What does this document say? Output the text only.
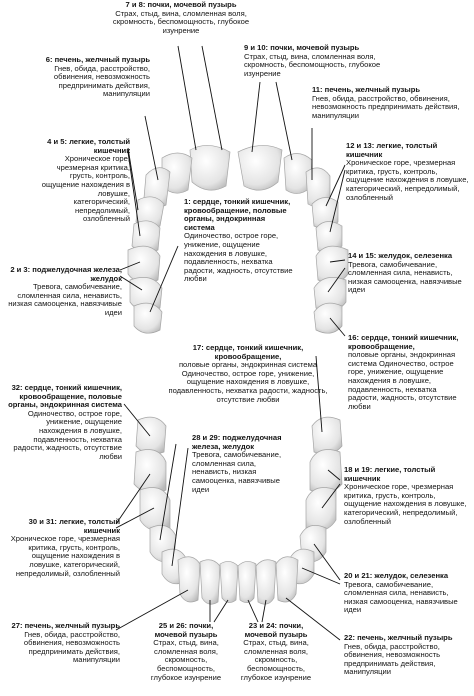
7 и 8: почки, мочевой пузырь
Страх, стыд, вина, сломленная воля, скромность, беспомощность, глубокое изунрение
6: печень, желчный пузырь
Гнев, обида, расстройство, обвинения, невозможность предпринимать действия, манипуляции
4 и 5: легкие, толстый кишечник
Хроническое горе, чрезмерная критика, грусть, контроль, ощущение нахождения в ловушке, категорический, непредолимый, озлобленный
2 и 3: поджелудочная железа, желудок
Тревога, самобичевание, сломленная сила, ненависть, низкая самооценка, навязчивые идеи
1: сердце, тонкий кишечник, кровообращение, половые органы, эндокринная система
Одиночество, острое горе, унижение, ощущение нахождения в ловушке, подавленность, нехватка радости, жадность, отсутствие любви
9 и 10: почки, мочевой пузырь
Страх, стыд, вина, сломленная воля, скромность, беспомощность, глубокое изунрение
11: печень, желчный пузырь
Гнев, обида, расстройство, обвинения, невозможность предпринимать действия, манипуляции
12 и 13: легкие, толстый кишечник
Хроническое горе, чрезмерная критика, грусть, контроль, ощущение нахождения в ловушке, категорический, непредолимый, озлобленный
14 и 15: желудок, селезенка
Тревога, самобичевание, сломленная сила, ненависть, низкая самооценка, навязчивые идеи
16: сердце, тонкий кишечник, кровообращение,
половые органы, эндокринная система Одиночество, острое горе, унижение, ощущение нахождения в ловушке, подавленность, нехватка радости, жадность, отсутствие любви
17: сердце, тонкий кишечник, кровообращение,
половые органы, эндокринная система Одиночество, острое горе, унижение, ощущение нахождения в ловушке, подавленность, нехватка радости, жадность, отсутствие любви
32: сердце, тонкий кишечник, кровообращение, половые органы, эндокринная система
Одиночество, острое горе, унижение, ощущение нахождения в ловушке, подавленность, нехватка радости, жадность, отсутствие любви
28 и 29: поджелудочная железа, желудок
Тревога, самобичевание, сломленная сила, ненависть, низкая самооценка, навязчивые идеи
18 и 19: легкие, толстый кишечник
Хроническое горе, чрезмерная критика, грусть, контроль, ощущение нахождения в ловушке, категорический, непредолимый, озлобленный
30 и 31: легкие, толстый кишечник
Хроническое горе, чрезмерная критика, грусть, контроль, ощущение нахождения в ловушке, категорический, непредолимый, озлобленный	20 и 21: желудок, селезенка
Тревога, самобичевание, сломленная сила, ненависть, низкая самооценка, навязчивые идеи
27: печень, желчный пузырь
Гнев, обида, расстройство, обвинения, невозможность предпринимать действия, манипуляции
25 и 26: почки, мочевой пузырь
Страх, стыд, вина, сломленная воля, скромность, беспомощность, глубокое изунрение
23 и 24: почки, мочевой пузырь
Страх, стыд, вина, сломленная воля, скромность, беспомощность, глубокое изунрение
22: печень, желчный пузырь
Гнев, обида, расстройство, обвинения, невозможность предпринимать действия, манипуляции
